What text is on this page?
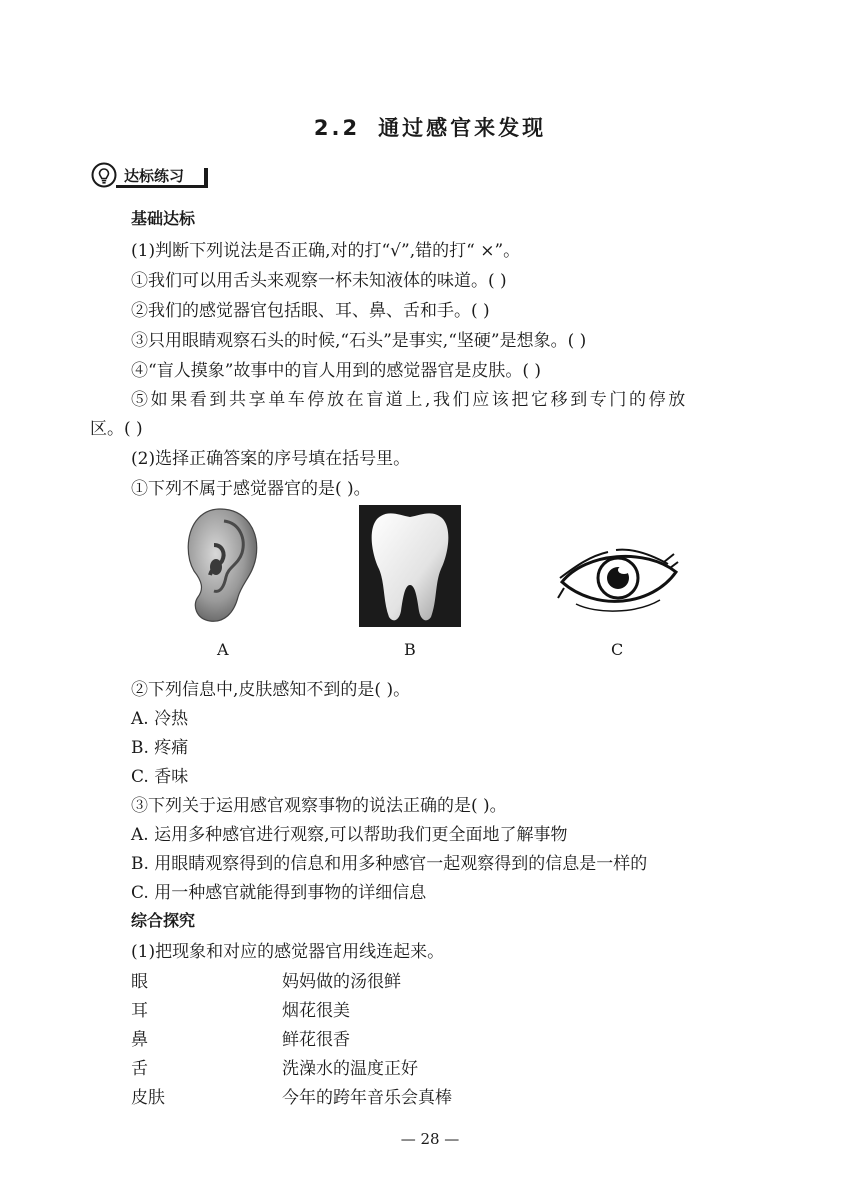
2.2 通过感官来发现
达标练习
基础达标
(1)判断下列说法是否正确,对的打“√”,错的打“ ×”。
①我们可以用舌头来观察一杯未知液体的味道。( )
②我们的感觉器官包括眼、耳、鼻、舌和手。( )
③只用眼睛观察石头的时候,“石头”是事实,“坚硬”是想象。( )
④“盲人摸象”故事中的盲人用到的感觉器官是皮肤。( )
⑤如果看到共享单车停放在盲道上,我们应该把它移到专门的停放
区。( )
(2)选择正确答案的序号填在括号里。
①下列不属于感觉器官的是( )。
A	B	C
②下列信息中,皮肤感知不到的是( )。
A. 冷热
B. 疼痛
C. 香味
③下列关于运用感官观察事物的说法正确的是( )。
A. 运用多种感官进行观察,可以帮助我们更全面地了解事物
B. 用眼睛观察得到的信息和用多种感官一起观察得到的信息是一样的
C. 用一种感官就能得到事物的详细信息
综合探究
(1)把现象和对应的感觉器官用线连起来。
眼
耳
鼻
舌
皮肤
妈妈做的汤很鲜
烟花很美
鲜花很香
洗澡水的温度正好
今年的跨年音乐会真棒
— 28 —
